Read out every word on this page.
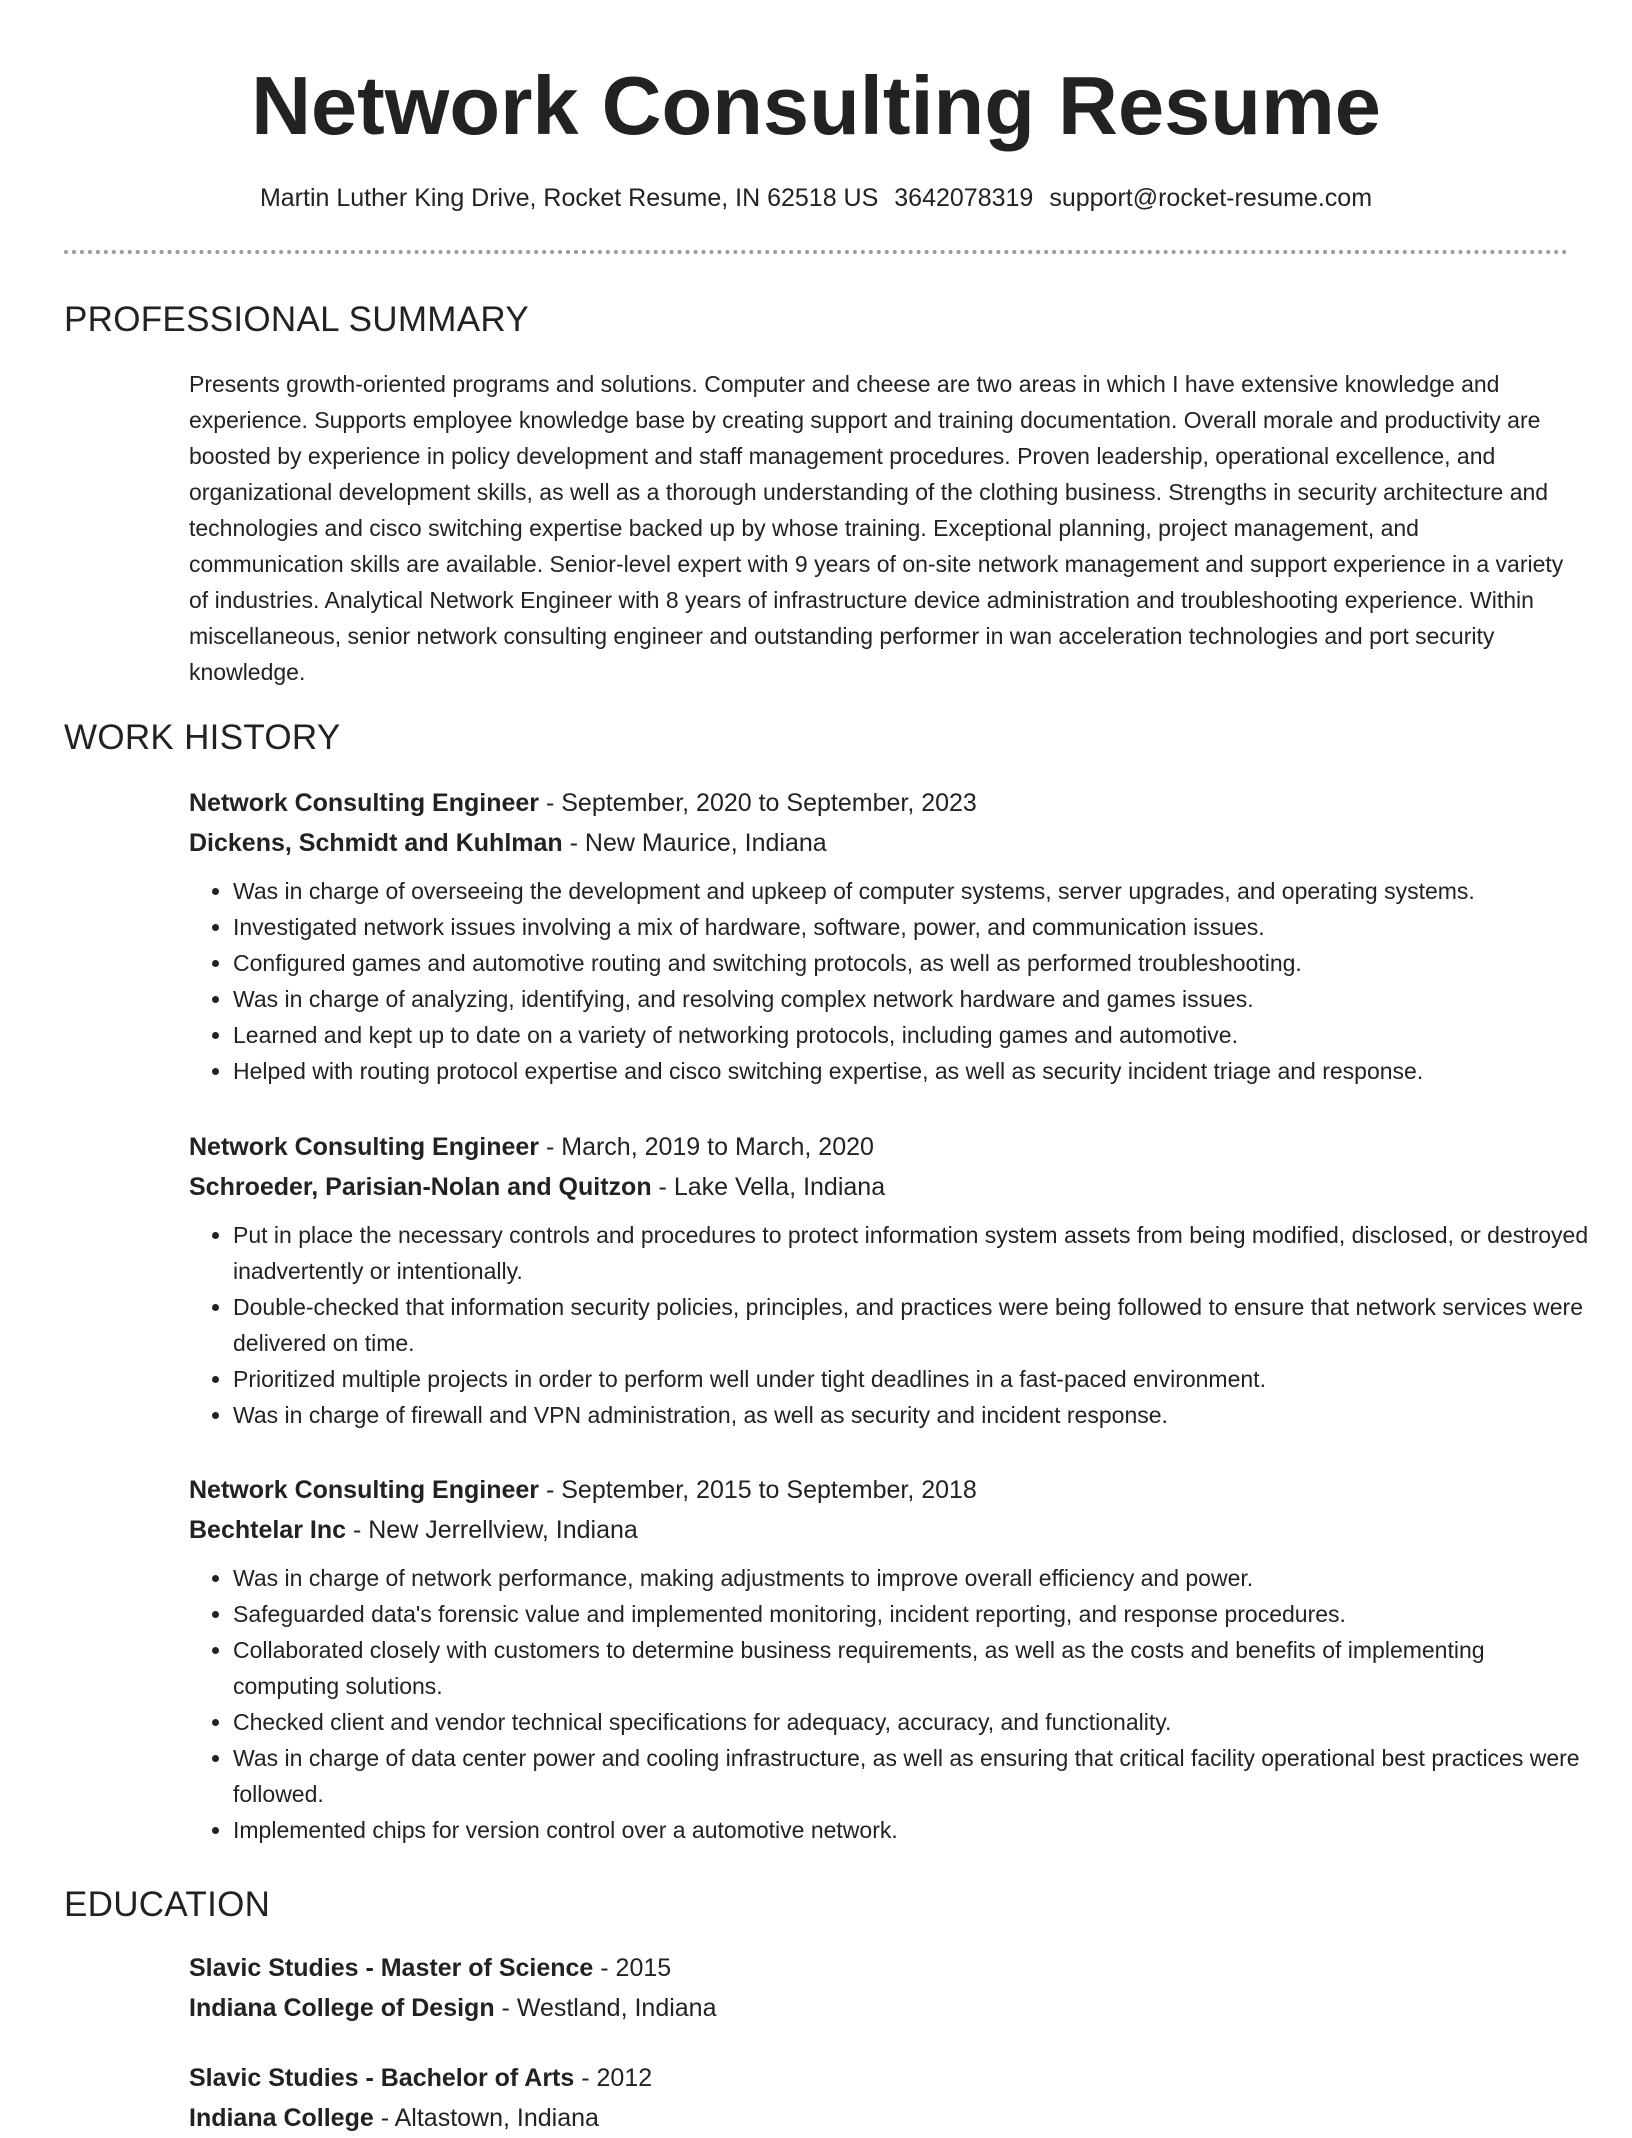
Network Consulting Resume
Martin Luther King Drive, Rocket Resume, IN 62518 US 3642078319 support@rocket-resume.com
PROFESSIONAL SUMMARY

Presents growth-oriented programs and solutions. Computer and cheese are two areas in which I have extensive knowledge and experience. Supports employee knowledge base by creating support and training documentation. Overall morale and productivity are boosted by experience in policy development and staff management procedures. Proven leadership, operational excellence, and organizational development skills, as well as a thorough understanding of the clothing business. Strengths in security architecture and technologies and cisco switching expertise backed up by whose training. Exceptional planning, project management, and communication skills are available. Senior-level expert with 9 years of on-site network management and support experience in a variety of industries. Analytical Network Engineer with 8 years of infrastructure device administration and troubleshooting experience. Within miscellaneous, senior network consulting engineer and outstanding performer in wan acceleration technologies and port security knowledge.

WORK HISTORY

Network Consulting Engineer - September, 2020 to September, 2023

Dickens, Schmidt and Kuhlman - New Maurice, Indiana

• Was in charge of overseeing the development and upkeep of computer systems, server upgrades, and operating systems.
• Investigated network issues involving a mix of hardware, software, power, and communication issues.
• Configured games and automotive routing and switching protocols, as well as performed troubleshooting.
• Was in charge of analyzing, identifying, and resolving complex network hardware and games issues.
• Learned and kept up to date on a variety of networking protocols, including games and automotive.
• Helped with routing protocol expertise and cisco switching expertise, as well as security incident triage and response.

Network Consulting Engineer - March, 2019 to March, 2020

Schroeder, Parisian-Nolan and Quitzon - Lake Vella, Indiana

• Put in place the necessary controls and procedures to protect information system assets from being modified, disclosed, or destroyed inadvertently or intentionally.
• Double-checked that information security policies, principles, and practices were being followed to ensure that network services were delivered on time.
• Prioritized multiple projects in order to perform well under tight deadlines in a fast-paced environment.
• Was in charge of firewall and VPN administration, as well as security and incident response.

Network Consulting Engineer - September, 2015 to September, 2018

Bechtelar Inc - New Jerrellview, Indiana

• Was in charge of network performance, making adjustments to improve overall efficiency and power.
• Safeguarded data's forensic value and implemented monitoring, incident reporting, and response procedures.
• Collaborated closely with customers to determine business requirements, as well as the costs and benefits of implementing computing solutions.
• Checked client and vendor technical specifications for adequacy, accuracy, and functionality.
• Was in charge of data center power and cooling infrastructure, as well as ensuring that critical facility operational best practices were followed.
• Implemented chips for version control over a automotive network.
EDUCATION

Slavic Studies - Master of Science - 2015

Indiana College of Design - Westland, Indiana

Slavic Studies - Bachelor of Arts - 2012

Indiana College - Altastown, Indiana
